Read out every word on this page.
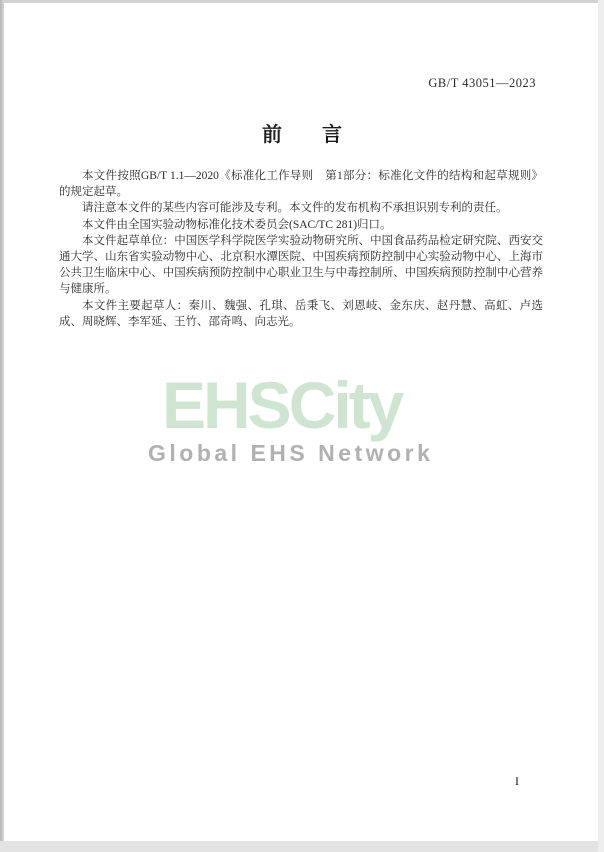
GB/T 43051—2023
前　　言

本文件按照GB/T 1.1—2020《标准化工作导则　第1部分：标准化文件的结构和起草规则》的规定起草。

请注意本文件的某些内容可能涉及专利。本文件的发布机构不承担识别专利的责任。

本文件由全国实验动物标准化技术委员会(SAC/TC 281)归口。

本文件起草单位：中国医学科学院医学实验动物研究所、中国食品药品检定研究院、西安交通大学、山东省实验动物中心、北京积水潭医院、中国疾病预防控制中心实验动物中心、上海市公共卫生临床中心、中国疾病预防控制中心职业卫生与中毒控制所、中国疾病预防控制中心营养与健康所。

本文件主要起草人：秦川、魏强、孔琪、岳秉飞、刘恩岐、金东庆、赵丹慧、高虹、卢选成、周晓辉、李军延、王竹、邵奇鸣、向志光。

EHSCity
Global EHS Network
I
